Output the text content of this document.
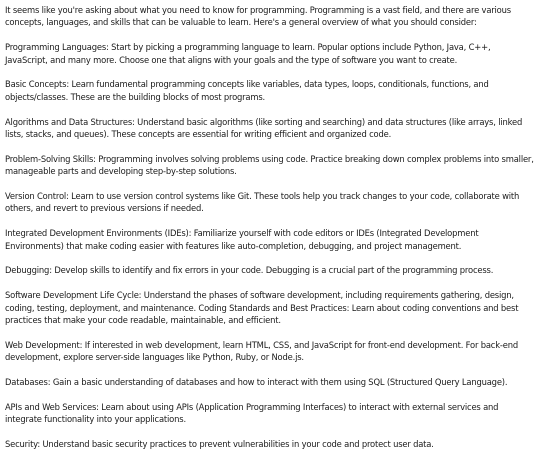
It seems like you're asking about what you need to know for programming. Programming is a vast field, and there are various concepts, languages, and skills that can be valuable to learn. Here's a general overview of what you should consider:

Programming Languages: Start by picking a programming language to learn. Popular options include Python, Java, C++, JavaScript, and many more. Choose one that aligns with your goals and the type of software you want to create.

Basic Concepts: Learn fundamental programming concepts like variables, data types, loops, conditionals, functions, and objects/classes. These are the building blocks of most programs.

Algorithms and Data Structures: Understand basic algorithms (like sorting and searching) and data structures (like arrays, linked lists, stacks, and queues). These concepts are essential for writing efficient and organized code.

Problem-Solving Skills: Programming involves solving problems using code. Practice breaking down complex problems into smaller, manageable parts and developing step-by-step solutions.

Version Control: Learn to use version control systems like Git. These tools help you track changes to your code, collaborate with others, and revert to previous versions if needed.

Integrated Development Environments (IDEs): Familiarize yourself with code editors or IDEs (Integrated Development Environments) that make coding easier with features like auto-completion, debugging, and project management.

Debugging: Develop skills to identify and fix errors in your code. Debugging is a crucial part of the programming process.

Software Development Life Cycle: Understand the phases of software development, including requirements gathering, design, coding, testing, deployment, and maintenance. Coding Standards and Best Practices: Learn about coding conventions and best practices that make your code readable, maintainable, and efficient.

Web Development: If interested in web development, learn HTML, CSS, and JavaScript for front-end development. For back-end development, explore server-side languages like Python, Ruby, or Node.js.

Databases: Gain a basic understanding of databases and how to interact with them using SQL (Structured Query Language).

APIs and Web Services: Learn about using APIs (Application Programming Interfaces) to interact with external services and integrate functionality into your applications.

Security: Understand basic security practices to prevent vulnerabilities in your code and protect user data.
